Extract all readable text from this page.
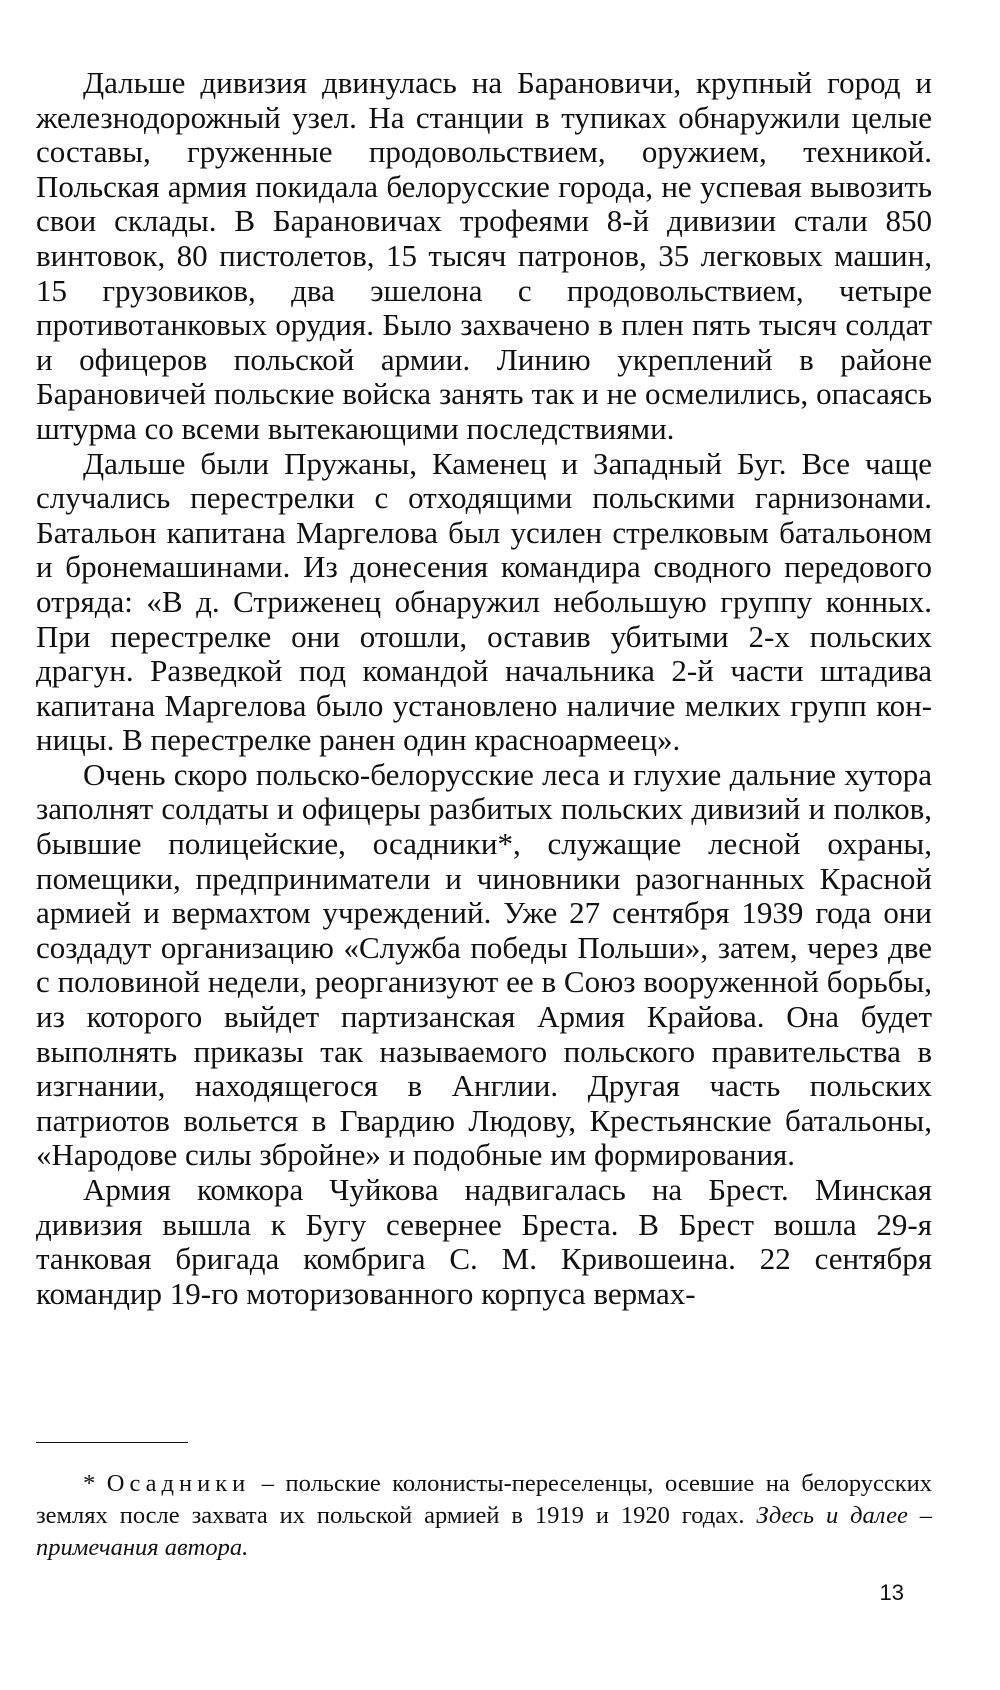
Дальше дивизия двинулась на Барановичи, крупный город и железнодорожный узел. На станции в тупиках обнаружили целые составы, груженные продовольствием, оружием, техникой. Польская армия покидала белорусские города, не успевая вывозить свои склады. В Барановичах трофеями 8-й дивизии стали 850 винтовок, 80 пистолетов, 15 тысяч патронов, 35 легковых машин, 15 грузовиков, два эшелона с продовольствием, четыре противотанковых орудия. Было захвачено в плен пять тысяч солдат и офицеров польской армии. Линию укреплений в районе Барановичей польские войска занять так и не осмелились, опасаясь штурма со всеми вытекающими последствиями.

Дальше были Пружаны, Каменец и Западный Буг. Все чаще случались перестрелки с отходящими польскими гарнизонами. Батальон капитана Маргелова был усилен стрелковым батальоном и бронемашинами. Из донесения командира сводного передового отряда: «В д. Стриженец обнаружил небольшую группу конных. При перестрелке они отошли, оставив убитыми 2-х польских драгун. Разведкой под командой начальника 2-й части штадива капитана Маргелова было установлено наличие мелких групп конницы. В перестрелке ранен один красноармеец».

Очень скоро польско-белорусские леса и глухие дальние хутора заполнят солдаты и офицеры разбитых польских дивизий и полков, бывшие полицейские, осадники*, служащие лесной охраны, помещики, предприниматели и чиновники разогнанных Красной армией и вермахтом учреждений. Уже 27 сентября 1939 года они создадут организацию «Служба победы Польши», затем, через две с половиной недели, реорганизуют ее в Союз вооруженной борьбы, из которого выйдет партизанская Армия Крайова. Она будет выполнять приказы так называемого польского правительства в изгнании, находящегося в Англии. Другая часть польских патриотов вольется в Гвардию Людову, Крестьянские батальоны, «Народове силы збройне» и подобные им формирования.

Армия комкора Чуйкова надвигалась на Брест. Минская дивизия вышла к Бугу севернее Бреста. В Брест вошла 29-я танковая бригада комбрига С. М. Кривошеина. 22 сентября командир 19-го моторизованного корпуса вермах-

* Осадники – польские колонисты-переселенцы, осевшие на белорусских землях после захвата их польской армией в 1919 и 1920 годах. Здесь и далее – примечания автора.

13
